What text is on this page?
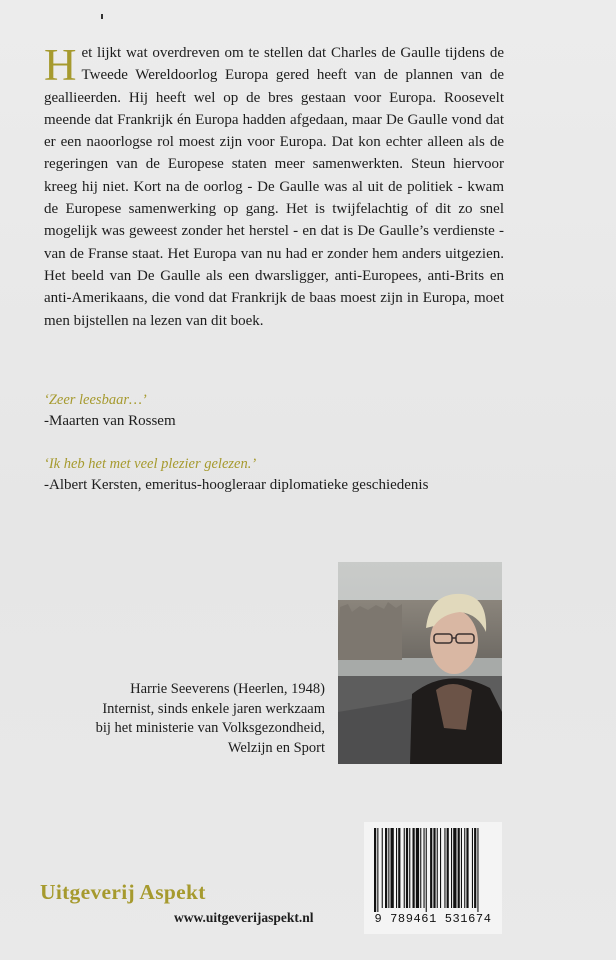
Het lijkt wat overdreven om te stellen dat Charles de Gaulle tijdens de Tweede Wereldoorlog Europa gered heeft van de plannen van de geallieerden. Hij heeft wel op de bres gestaan voor Europa. Roosevelt meende dat Frankrijk én Europa hadden afgedaan, maar De Gaulle vond dat er een naoorlogse rol moest zijn voor Europa. Dat kon echter alleen als de regeringen van de Europese staten meer samenwerkten. Steun hiervoor kreeg hij niet. Kort na de oorlog - De Gaulle was al uit de politiek - kwam de Europese samenwerking op gang. Het is twijfelachtig of dit zo snel mogelijk was geweest zonder het herstel - en dat is De Gaulle’s verdienste - van de Franse staat. Het Europa van nu had er zonder hem anders uitgezien. Het beeld van De Gaulle als een dwarsligger, anti-Europees, anti-Brits en anti-Amerikaans, die vond dat Frankrijk de baas moest zijn in Europa, moet men bijstellen na lezen van dit boek.

‘Zeer leesbaar…’
-Maarten van Rossem
‘Ik heb het met veel plezier gelezen.’
-Albert Kersten, emeritus-hoogleraar diplomatieke geschiedenis
Harrie Seeverens (Heerlen, 1948)
Internist, sinds enkele jaren werkzaam
bij het ministerie van Volksgezondheid,
Welzijn en Sport
Uitgeverij Aspekt
www.uitgeverijaspekt.nl	9 789461 531674
